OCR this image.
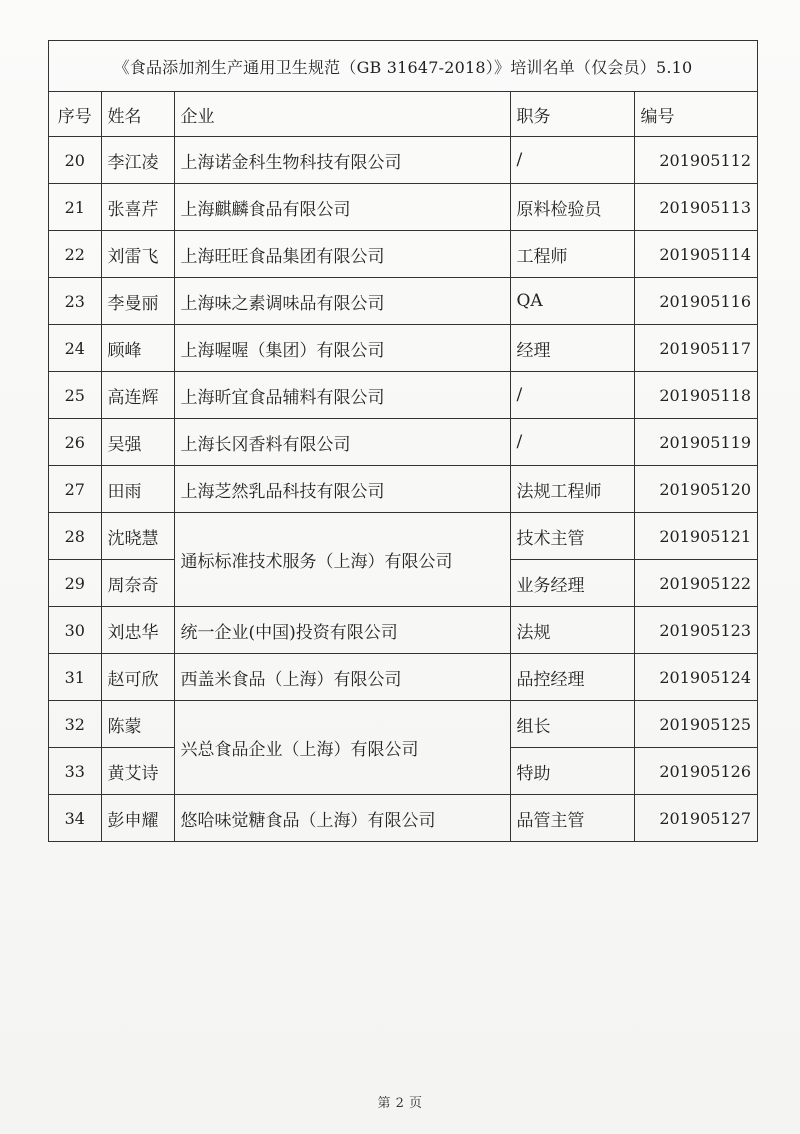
《食品添加剂生产通用卫生规范（GB 31647-2018）》培训名单（仅会员）5.10
序号	姓名	企业	职务	编号
20	李江凌	上海诺金科生物科技有限公司	/	201905112
21	张喜芹	上海麒麟食品有限公司	原料检验员	201905113
22	刘雷飞	上海旺旺食品集团有限公司	工程师	201905114
23	李曼丽	上海味之素调味品有限公司	QA	201905116
24	顾峰	上海喔喔（集团）有限公司	经理	201905117
25	高连辉	上海昕宜食品辅料有限公司	/	201905118
26	吴强	上海长冈香料有限公司	/	201905119
27	田雨	上海芝然乳品科技有限公司	法规工程师	201905120
28	沈晓慧	通标标准技术服务（上海）有限公司	技术主管	201905121
29	周奈奇		业务经理	201905122
30	刘忠华	统一企业(中国)投资有限公司	法规	201905123
31	赵可欣	西盖米食品（上海）有限公司	品控经理	201905124
32	陈蒙	兴总食品企业（上海）有限公司	组长	201905125
33	黄艾诗		特助	201905126
34	彭申耀	悠哈味觉糖食品（上海）有限公司	品管主管	201905127
第 2 页
